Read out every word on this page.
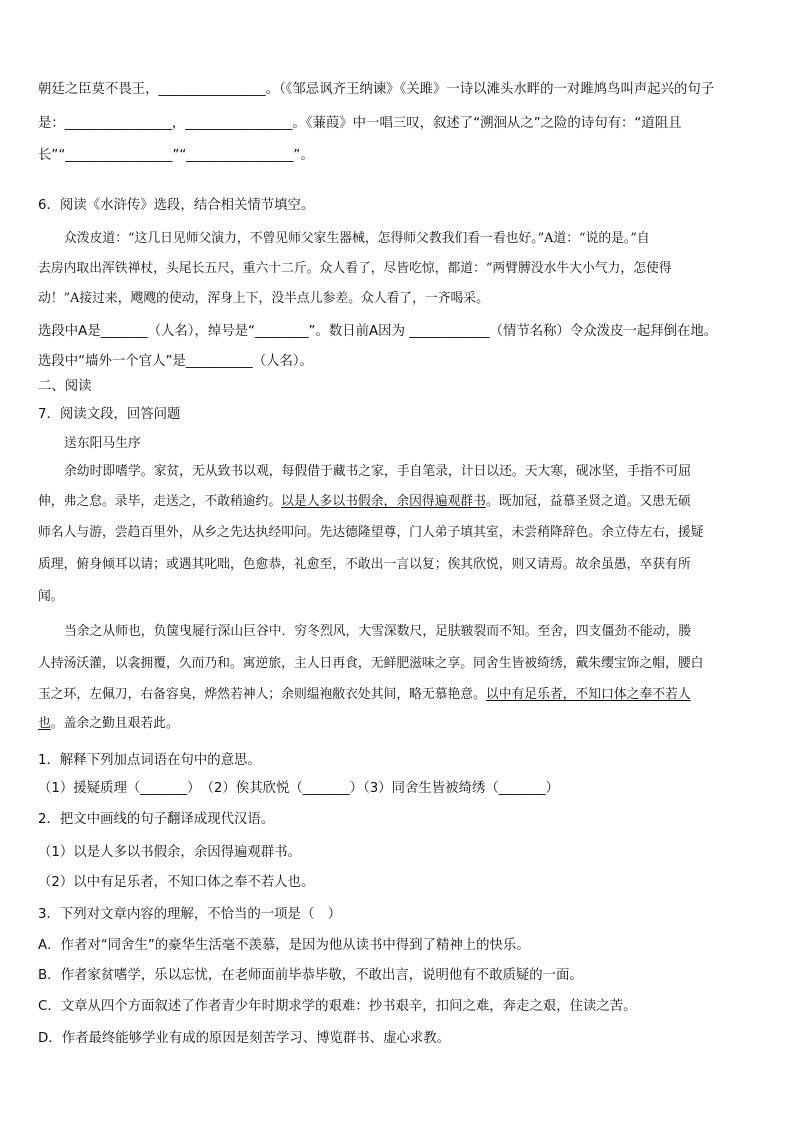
朝廷之臣莫不畏王，________________。（《邹忌讽齐王纳谏》《关雎》一诗以滩头水畔的一对雎鸠鸟叫声起兴的句子
是：________________，________________。《蒹葭》中一唱三叹，叙述了“溯洄从之”之险的诗句有：“道阻且
长”“________________”“________________”。
6．阅读《水浒传》选段，结合相关情节填空。
众泼皮道：“这几日见师父演力，不曾见师父家生器械，怎得师父教我们看一看也好。”A道：“说的是。”自
去房内取出浑铁禅杖，头尾长五尺，重六十二斤。众人看了，尽皆吃惊，都道：“两臂膊没水牛大小气力，怎使得
动！”A接过来，飕飕的使动，浑身上下，没半点儿参差。众人看了，一齐喝采。
选段中A是_______（人名），绰号是“________”。数日前A因为 ____________（情节名称）令众泼皮一起拜倒在地。
选段中“墙外一个官人”是__________（人名）。
二、阅读
7．阅读文段，回答问题
送东阳马生序
余幼时即嗜学。家贫，无从致书以观，每假借于藏书之家，手自笔录，计日以还。天大寒，砚冰坚，手指不可屈
伸，弗之怠。录毕，走送之，不敢稍逾约。以是人多以书假余，余因得遍观群书。既加冠，益慕圣贤之道。又患无硕
师名人与游，尝趋百里外，从乡之先达执经叩问。先达德隆望尊，门人弟子填其室，未尝稍降辞色。余立侍左右，援疑
质理，俯身倾耳以请；或遇其叱咄，色愈恭，礼愈至，不敢出一言以复；俟其欣悦，则又请焉。故余虽愚，卒获有所
闻。
当余之从师也，负箧曳屣行深山巨谷中．穷冬烈风，大雪深数尺，足肤皲裂而不知。至舍，四支僵劲不能动，媵
人持汤沃灌，以衾拥覆，久而乃和。寓逆旅，主人日再食，无鲜肥滋味之享。同舍生皆被绮绣，戴朱缨宝饰之帽，腰白
玉之环，左佩刀，右备容臭，烨然若神人；余则缊袍敝衣处其间，略无慕艳意。以中有足乐者，不知口体之奉不若人
也。盖余之勤且艰若此。
1．解释下列加点词语在句中的意思。
（1）援疑质理（_______）　（2）俟其欣悦（_______）（3）同舍生皆被绮绣（_______）
2．把文中画线的句子翻译成现代汉语。
（1）以是人多以书假余，余因得遍观群书。
（2）以中有足乐者，不知口体之奉不若人也。
3．下列对文章内容的理解，不恰当的一项是（　）
A．作者对“同舍生”的豪华生活毫不羡慕，是因为他从读书中得到了精神上的快乐。
B．作者家贫嗜学，乐以忘忧，在老师面前毕恭毕敬，不敢出言，说明他有不敢质疑的一面。
C．文章从四个方面叙述了作者青少年时期求学的艰难：抄书艰辛，扣问之难，奔走之艰，住读之苦。
D．作者最终能够学业有成的原因是刻苦学习、博览群书、虚心求教。
